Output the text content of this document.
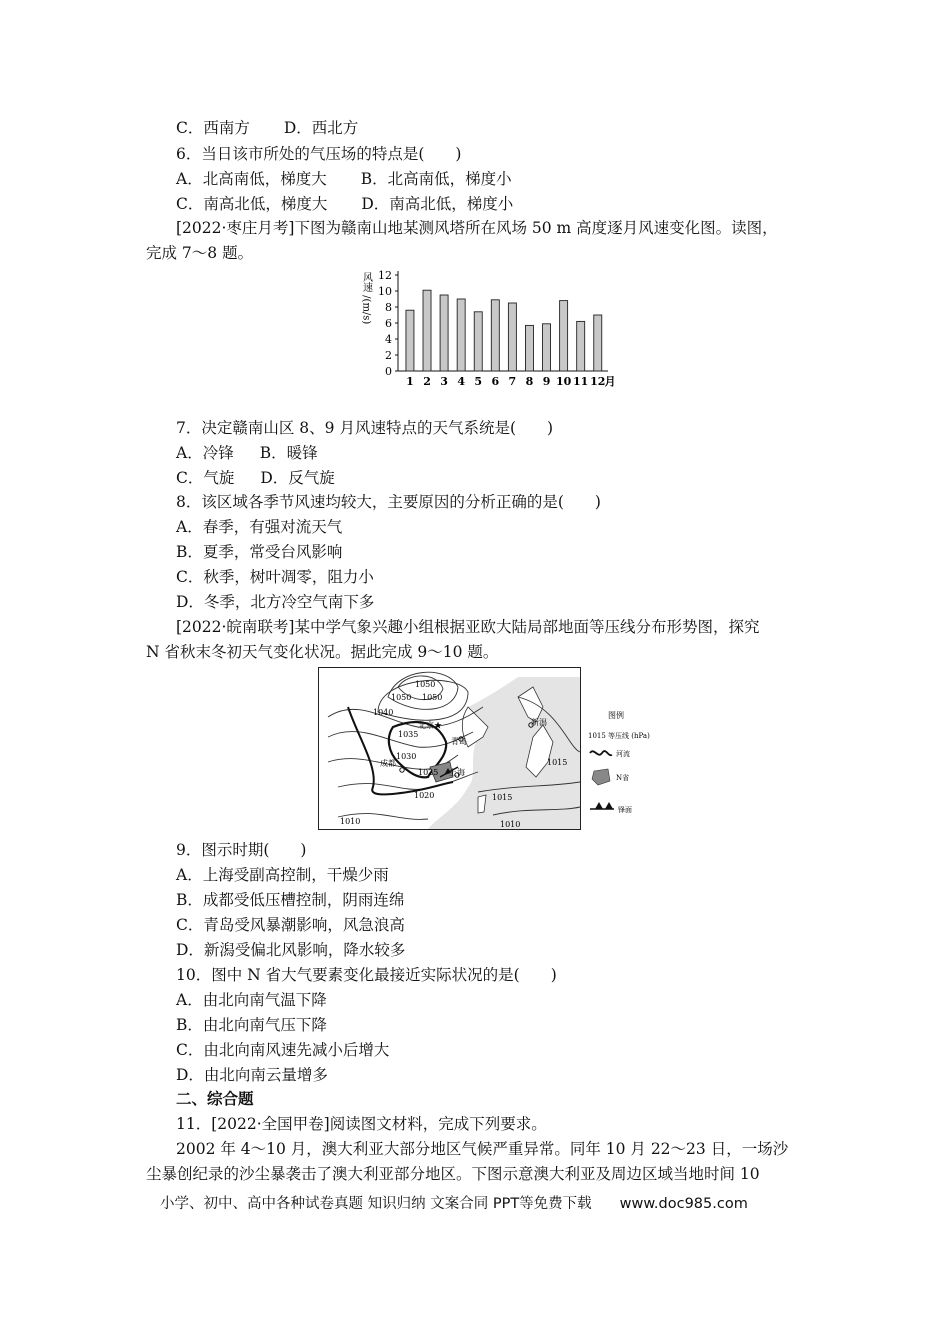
C．西南方 D．西北方
6．当日该市所处的气压场的特点是(　　)
A．北高南低，梯度大 B．北高南低，梯度小
C．南高北低，梯度大 D．南高北低，梯度小
[2022·枣庄月考]下图为赣南山地某测风塔所在风场 50 m 高度逐月风速变化图。读图，
完成 7～8 题。
0
2
4
6
8
10
12
风速 /(m/s)
1 2 3 4 5 6 7 8 9 10 11 12 月
7．决定赣南山区 8、9 月风速特点的天气系统是(　　)
A．冷锋 B．暖锋
C．气旋 D．反气旋
8．该区域各季节风速均较大，主要原因的分析正确的是(　　)
A．春季，有强对流天气
B．夏季，常受台风影响
C．秋季，树叶凋零，阻力小
D．冬季，北方冷空气南下多
[2022·皖南联考]某中学气象兴趣小组根据亚欧大陆局部地面等压线分布形势图，探究
N 省秋末冬初天气变化状况。据此完成 9～10 题。
1050
1050 1050
1040
1035
1030
1025
1020
1015
1015
1010	1010
北京★
青岛
成都
上海
新潟
图例
1015 等压线 (hPa)
河流
N省
锋面
9．图示时期(　　)
A．上海受副高控制，干燥少雨
B．成都受低压槽控制，阴雨连绵
C．青岛受风暴潮影响，风急浪高
D．新潟受偏北风影响，降水较多
10．图中 N 省大气要素变化最接近实际状况的是(　　)
A．由北向南气温下降
B．由北向南气压下降
C．由北向南风速先减小后增大
D．由北向南云量增多
二、综合题
11．[2022·全国甲卷]阅读图文材料，完成下列要求。
2002 年 4～10 月，澳大利亚大部分地区气候严重异常。同年 10 月 22～23 日，一场沙
尘暴创纪录的沙尘暴袭击了澳大利亚部分地区。下图示意澳大利亚及周边区域当地时间 10
小学、初中、高中各种试卷真题 知识归纳 文案合同 PPT等免费下载 www.doc985.com
